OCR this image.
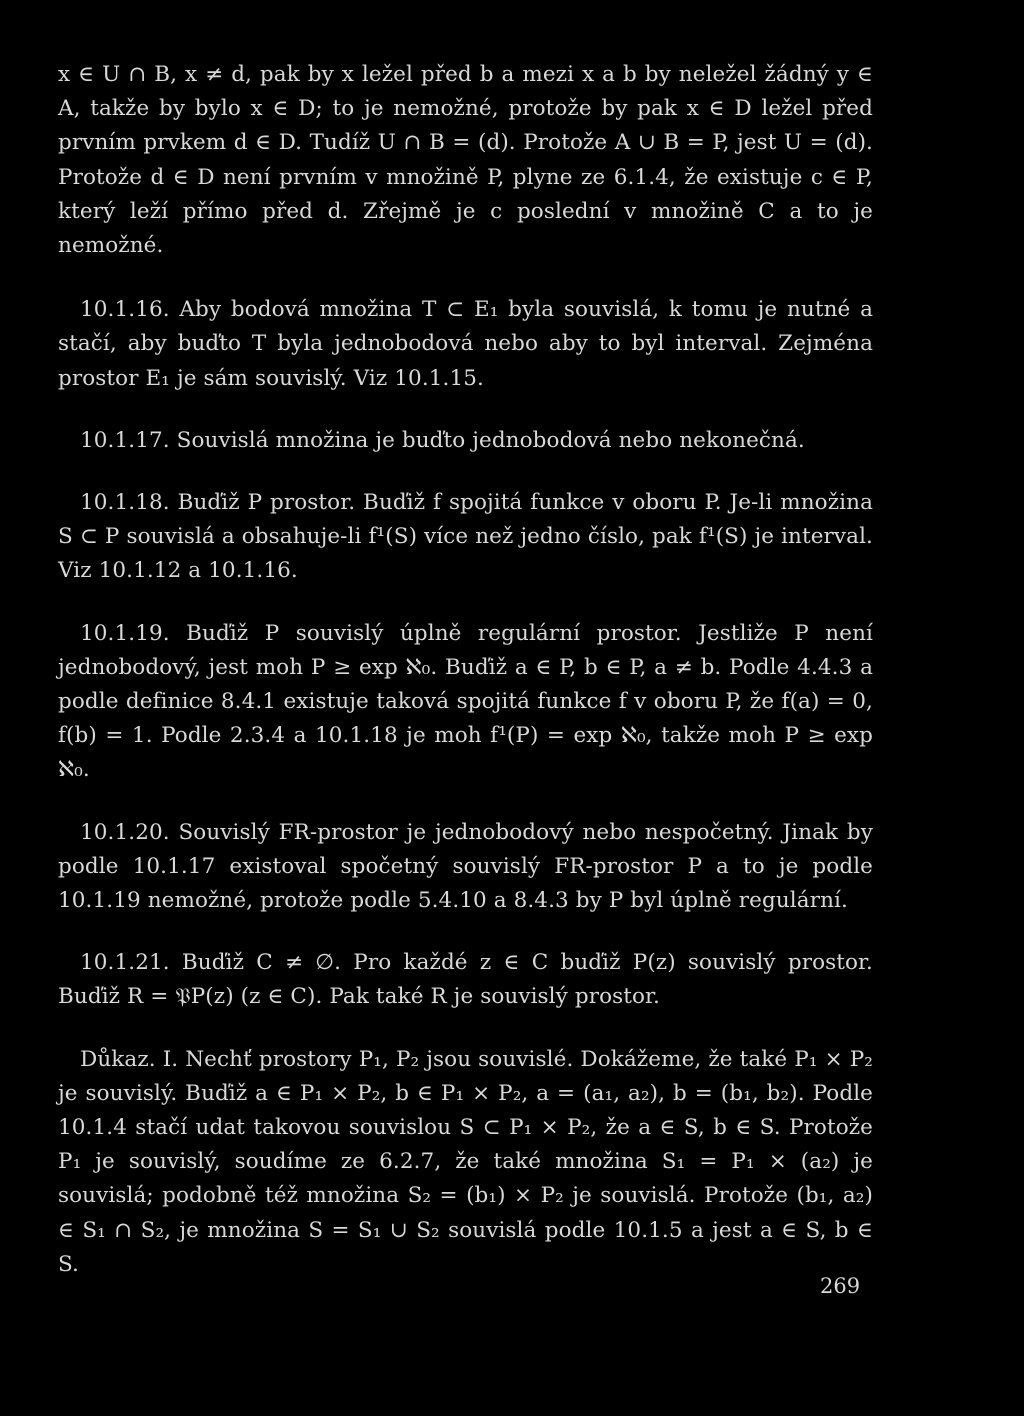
x ∈ U ∩ B, x ≠ d, pak by x ležel před b a mezi x a b by neležel žádný y ∈ A, takže by bylo x ∈ D; to je nemožné, protože by pak x ∈ D ležel před prvním prvkem d ∈ D. Tudíž U ∩ B = (d). Protože A ∪ B = P, jest U = (d). Protože d ∈ D není prvním v množině P, plyne ze 6.1.4, že existuje c ∈ P, který leží přímo před d. Zřejmě je c poslední v množině C a to je nemožné.

10.1.16. Aby bodová množina T ⊂ E₁ byla souvislá, k tomu je nutné a stačí, aby buďto T byla jednobodová nebo aby to byl interval. Zejména prostor E₁ je sám souvislý. Viz 10.1.15.

10.1.17. Souvislá množina je buďto jednobodová nebo nekonečná.

10.1.18. Buďiž P prostor. Buďiž f spojitá funkce v oboru P. Je-li množina S ⊂ P souvislá a obsahuje-li f¹(S) více než jedno číslo, pak f¹(S) je interval. Viz 10.1.12 a 10.1.16.

10.1.19. Buďiž P souvislý úplně regulární prostor. Jestliže P není jednobodový, jest moh P ≥ exp ℵ₀. Buďiž a ∈ P, b ∈ P, a ≠ b. Podle 4.4.3 a podle definice 8.4.1 existuje taková spojitá funkce f v oboru P, že f(a) = 0, f(b) = 1. Podle 2.3.4 a 10.1.18 je moh f¹(P) = exp ℵ₀, takže moh P ≥ exp ℵ₀.

10.1.20. Souvislý FR-prostor je jednobodový nebo nespočetný. Jinak by podle 10.1.17 existoval spočetný souvislý FR-prostor P a to je podle 10.1.19 nemožné, protože podle 5.4.10 a 8.4.3 by P byl úplně regulární.

10.1.21. Buďiž C ≠ ∅. Pro každé z ∈ C buďiž P(z) souvislý prostor. Buďiž R = 𝔓P(z) (z ∈ C). Pak také R je souvislý prostor.

Důkaz. I. Nechť prostory P₁, P₂ jsou souvislé. Dokážeme, že také P₁ × P₂ je souvislý. Buďiž a ∈ P₁ × P₂, b ∈ P₁ × P₂, a = (a₁, a₂), b = (b₁, b₂). Podle 10.1.4 stačí udat takovou souvislou S ⊂ P₁ × P₂, že a ∈ S, b ∈ S. Protože P₁ je souvislý, soudíme ze 6.2.7, že také množina S₁ = P₁ × (a₂) je souvislá; podobně též množina S₂ = (b₁) × P₂ je souvislá. Protože (b₁, a₂) ∈ S₁ ∩ S₂, je množina S = S₁ ∪ S₂ souvislá podle 10.1.5 a jest a ∈ S, b ∈ S.

269
